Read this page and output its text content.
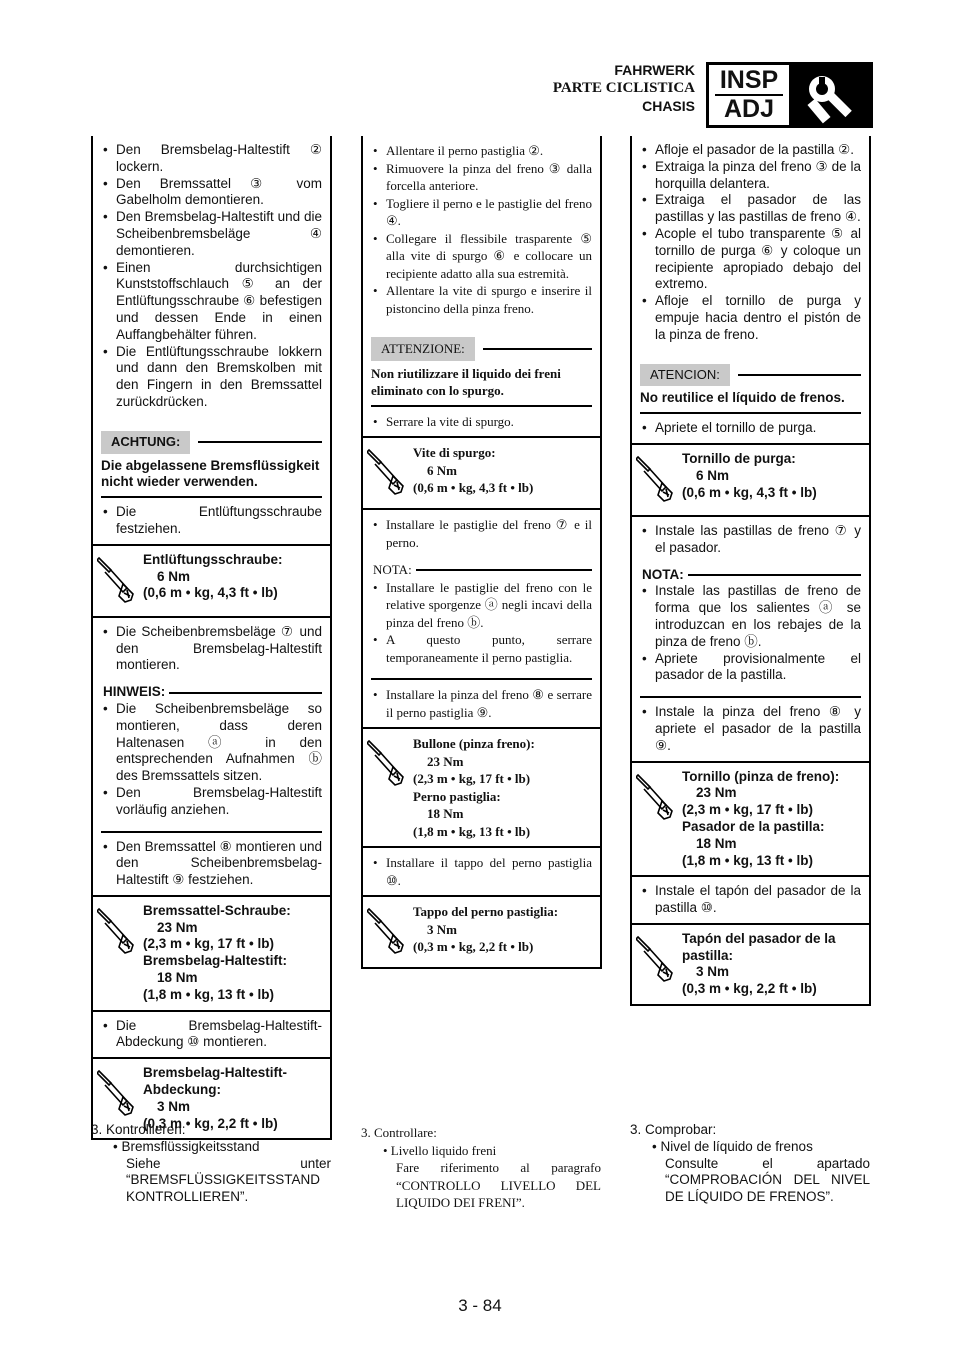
FAHRWERK
PARTE CICLISTICA
CHASIS
INSP
ADJ
• Den Bremsbelag-Haltestift ② lockern.
• Den Bremssattel ③ vom Gabelholm demontieren.
• Den Bremsbelag-Haltestift und die Scheibenbremsbeläge ④ demontieren.
• Einen durchsichtigen Kunststoffschlauch ⑤ an der Entlüftungsschraube ⑥ befestigen und dessen Ende in einen Auffangbehälter führen.
• Die Entlüftungsschraube lokkern und dann den Bremskolben mit den Fingern in den Bremssattel zurückdrücken.
ACHTUNG:
Die abgelassene Bremsflüssigkeit nicht wieder verwenden.
• Die Entlüftungsschraube festziehen.
Entlüftungsschraube:
6 Nm
(0,6 m • kg, 4,3 ft • lb)
• Die Scheibenbremsbeläge ⑦ und den Bremsbelag-Haltestift montieren.
HINWEIS:
• Die Scheibenbremsbeläge so montieren, dass deren Haltenasen ⓐ in den entsprechenden Aufnahmen ⓑ des Bremssattels sitzen.
• Den Bremsbelag-Haltestift vorläufig anziehen.
• Den Bremssattel ⑧ montieren und den Scheibenbremsbelag-Haltestift ⑨ festziehen.
Bremssattel-Schraube:
23 Nm
(2,3 m • kg, 17 ft • lb)
Bremsbelag-Haltestift:
18 Nm
(1,8 m • kg, 13 ft • lb)
• Die Bremsbelag-Haltestift-Abdeckung ⑩ montieren.
Bremsbelag-Haltestift-Abdeckung:
3 Nm
(0,3 m • kg, 2,2 ft • lb)
• Allentare il perno pastiglia ②.
• Rimuovere la pinza del freno ③ dalla forcella anteriore.
• Togliere il perno e le pastiglie del freno ④.
• Collegare il flessibile trasparente ⑤ alla vite di spurgo ⑥ e collocare un recipiente adatto alla sua estremità.
• Allentare la vite di spurgo e inserire il pistoncino della pinza freno.
ATTENZIONE:
Non riutilizzare il liquido dei freni eliminato con lo spurgo.
• Serrare la vite di spurgo.
Vite di spurgo:
6 Nm
(0,6 m • kg, 4,3 ft • lb)
• Installare le pastiglie del freno ⑦ e il perno.
NOTA:
• Installare le pastiglie del freno con le relative sporgenze ⓐ negli incavi della pinza del freno ⓑ.
• A questo punto, serrare temporaneamente il perno pastiglia.
• Installare la pinza del freno ⑧ e serrare il perno pastiglia ⑨.
Bullone (pinza freno):
23 Nm
(2,3 m • kg, 17 ft • lb)
Perno pastiglia:
18 Nm
(1,8 m • kg, 13 ft • lb)
• Installare il tappo del perno pastiglia ⑩.
Tappo del perno pastiglia:
3 Nm
(0,3 m • kg, 2,2 ft • lb)
• Afloje el pasador de la pastilla ②.
• Extraiga la pinza del freno ③ de la horquilla delantera.
• Extraiga el pasador de las pastillas y las pastillas de freno ④.
• Acople el tubo transparente ⑤ al tornillo de purga ⑥ y coloque un recipiente apropiado debajo del extremo.
• Afloje el tornillo de purga y empuje hacia dentro el pistón de la pinza de freno.
ATENCION:
No reutilice el líquido de frenos.
• Apriete el tornillo de purga.
Tornillo de purga:
6 Nm
(0,6 m • kg, 4,3 ft • lb)
• Instale las pastillas de freno ⑦ y el pasador.
NOTA:
• Instale las pastillas de freno de forma que los salientes ⓐ se introduzcan en los rebajes de la pinza de freno ⓑ.
• Apriete provisionalmente el pasador de la pastilla.
• Instale la pinza del freno ⑧ y apriete el pasador de la pastilla ⑨.
Tornillo (pinza de freno):
23 Nm
(2,3 m • kg, 17 ft • lb)
Pasador de la pastilla:
18 Nm
(1,8 m • kg, 13 ft • lb)
• Instale el tapón del pasador de la pastilla ⑩.
Tapón del pasador de la pastilla:
3 Nm
(0,3 m • kg, 2,2 ft • lb)
3. Kontrollieren:
• Bremsflüssigkeitsstand
Siehe unter “BREMSFLÜSSIGKEITSSTAND KONTROLLIEREN”.
3. Controllare:
• Livello liquido freni
Fare riferimento al paragrafo “CONTROLLO LIVELLO DEL LIQUIDO DEI FRENI”.
3. Comprobar:
• Nivel de líquido de frenos
Consulte el apartado “COMPROBACIÓN DEL NIVEL DE LÍQUIDO DE FRENOS”.
3 - 84
